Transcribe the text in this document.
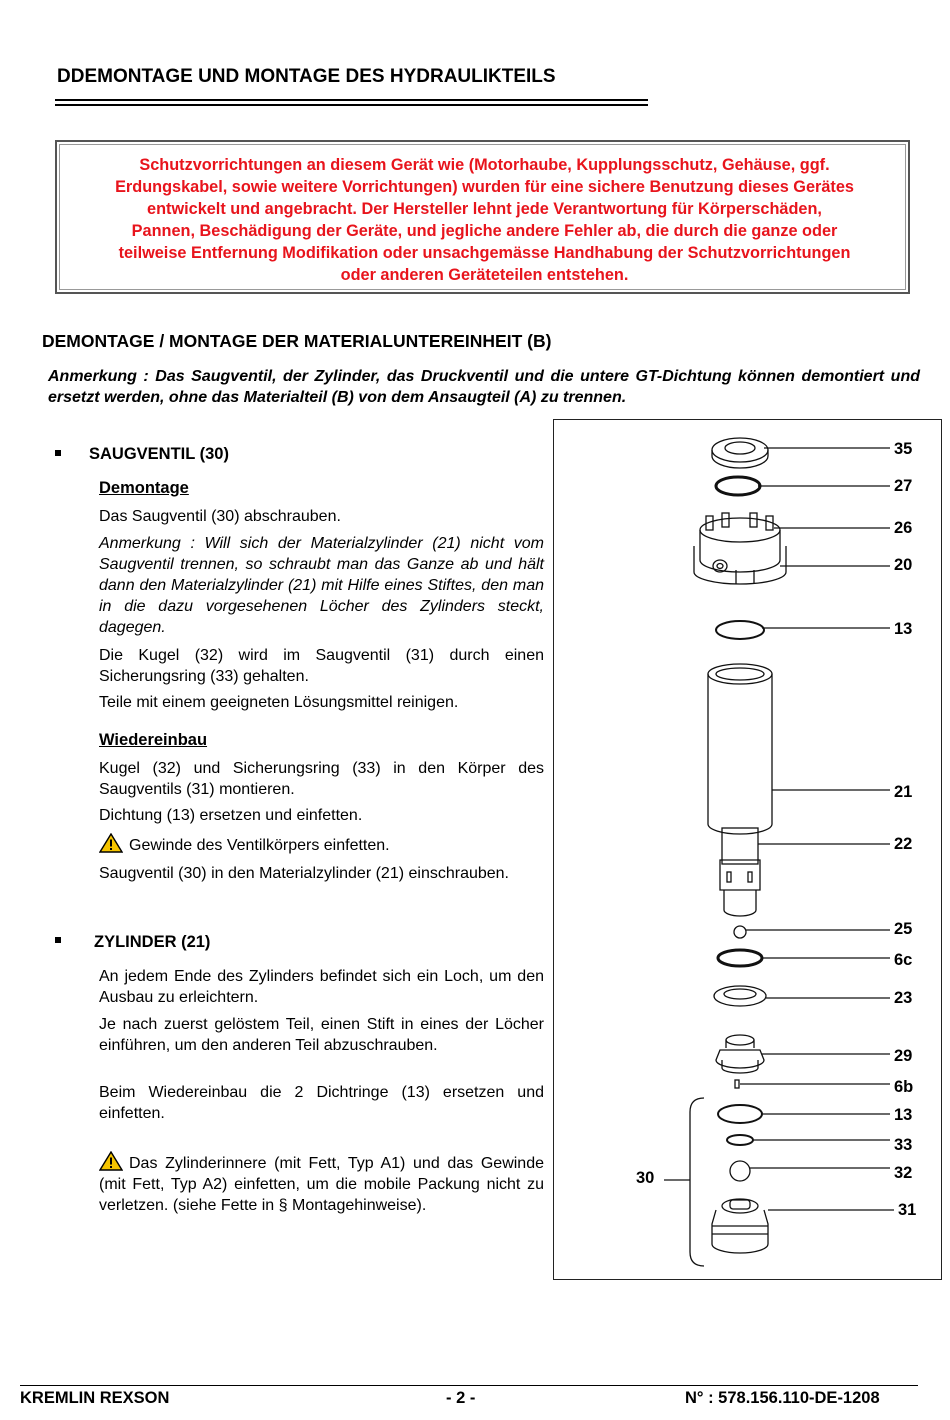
DDEMONTAGE UND MONTAGE DES HYDRAULIKTEILS
Schutzvorrichtungen an diesem Gerät wie (Motorhaube, Kupplungsschutz, Gehäuse, ggf.
Erdungskabel, sowie weitere Vorrichtungen) wurden für eine sichere Benutzung dieses Gerätes
entwickelt und angebracht. Der Hersteller lehnt jede Verantwortung für Körperschäden,
Pannen, Beschädigung der Geräte, und jegliche andere Fehler ab, die durch die ganze oder
teilweise Entfernung Modifikation oder unsachgemässe Handhabung der Schutzvorrichtungen
oder anderen Geräteteilen entstehen.
DEMONTAGE / MONTAGE DER MATERIALUNTEREINHEIT (B)
Anmerkung : Das Saugventil, der Zylinder, das Druckventil und die untere GT-Dichtung können demontiert und ersetzt werden, ohne das Materialteil (B) von dem Ansaugteil (A) zu trennen.
SAUGVENTIL (30)
Demontage
Das Saugventil (30) abschrauben.
Anmerkung : Will sich der Materialzylinder (21) nicht vom Saugventil trennen, so schraubt man das Ganze ab und hält dann den Materialzylinder (21) mit Hilfe eines Stiftes, den man in die dazu vorgesehenen Löcher des Zylinders steckt, dagegen.
Die Kugel (32) wird im Saugventil (31) durch einen Sicherungsring (33) gehalten.
Teile mit einem geeigneten Lösungsmittel reinigen.
Wiedereinbau
Kugel (32) und Sicherungsring (33) in den Körper des Saugventils (31) montieren.
Dichtung (13) ersetzen und einfetten.
Gewinde des Ventilkörpers einfetten.
Saugventil (30) in den Materialzylinder (21) einschrauben.
ZYLINDER (21)
An jedem Ende des Zylinders befindet sich ein Loch, um den Ausbau zu erleichtern.
Je nach zuerst gelöstem Teil, einen Stift in eines der Löcher einführen, um den anderen Teil abzuschrauben.
Beim Wiedereinbau die 2 Dichtringe (13) ersetzen und einfetten.
Das Zylinderinnere (mit Fett, Typ A1) und das Gewinde (mit Fett, Typ A2) einfetten, um die mobile Packung nicht zu verletzen. (siehe Fette in § Montagehinweise).
35
27
26
20
13
21
22
25
6c
23
29
6b
13
33
32
31
30
KREMLIN REXSON	- 2 -	N° : 578.156.110-DE-1208
